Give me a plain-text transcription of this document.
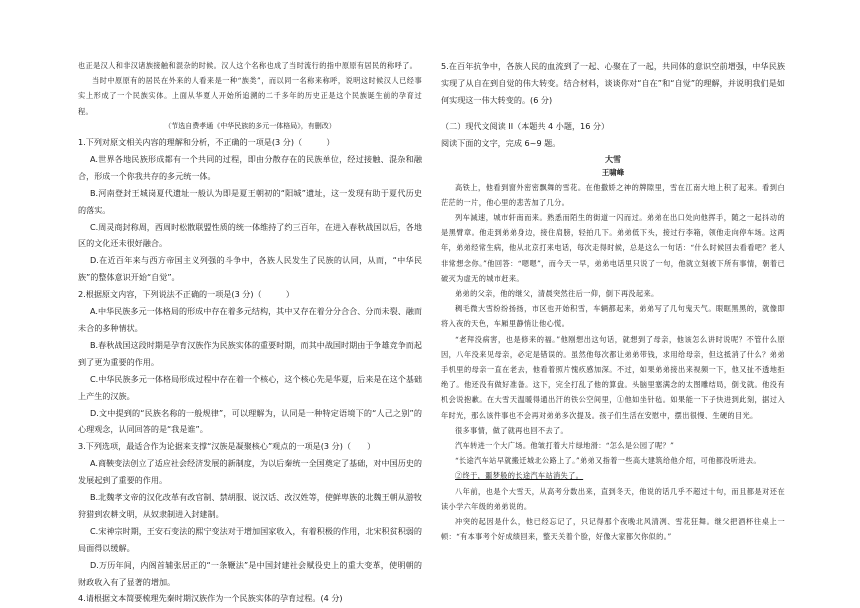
也正是汉人和非汉诸族接触和混杂的时候。汉人这个名称也成了当时流行的指中原原有居民的称呼了。

当时中原原有的居民在外来的人看来是一种“族类”，而以同一名称来称呼，说明这时候汉人已经事实上形成了一个民族实体。上面从华夏人开始所追溯的二千多年的历史正是这个民族诞生前的孕育过程。

（节选自费孝通《中华民族的多元一体格局》，有删改）

1.下列对原文相关内容的理解和分析，不正确的一项是(3 分)（　　　）

A.世界各地民族形成都有一个共同的过程，即由分散存在的民族单位，经过接触、混杂和融合，形成一个你我共存的多元统一体。

B.河南登封王城岗夏代遗址一般认为即是夏王朝初的“阳城”遗址，这一发现有助于夏代历史的落实。

C.周灵商封称周，西周时松散联盟性质的统一体维持了约三百年，在进入春秋战国以后，各地区的文化还未很好融合。

D.在近百年来与西方帝国主义列强的斗争中，各族人民发生了民族的认同，从而，“中华民族”的整体意识开始“自觉”。

2.根据原文内容，下列说法不正确的一项是(3 分)（　　　）

A.中华民族多元一体格局的形成中存在着多元结构，其中又存在着分分合合、分而未裂、融而未合的多种情状。

B.春秋战国这段时期是孕育汉族作为民族实体的重要时期，而其中战国时期由于争雄竞争而起到了更为重要的作用。

C.中华民族多元一体格局形成过程中存在着一个核心，这个核心先是华夏，后来是在这个基础上产生的汉族。

D.文中提到的“民族名称的一般规律”，可以理解为，认同是一种特定语境下的“人己之别”的心理观念，认同回答的是“我是谁”。

3.下列选项，最适合作为论据来支撑“汉族是凝聚核心”观点的一项是(3 分)（　　）

A.商鞅变法创立了适应社会经济发展的新制度，为以后秦统一全国奠定了基础，对中国历史的发展起到了重要的作用。

B.北魏孝文帝的汉化改革有改官制、禁胡服、说汉话、改汉姓等，使鲜卑族的北魏王朝从游牧狩猎到农耕文明，从奴隶制进入封建制。

C.宋神宗时期，王安石变法的熙宁变法对于增加国家收入，有着积极的作用，北宋积贫积弱的局面得以缓解。

D.万历年间，内阁首辅张居正的“一条鞭法”是中国封建社会赋役史上的重大变革，使明朝的财政收入有了显著的增加。

4.请根据文本简要梳理先秦时期汉族作为一个民族实体的孕育过程。(4 分)

5.在百年抗争中，各族人民的血流到了一起、心聚在了一起，共同体的意识空前增强，中华民族实现了从自在到自觉的伟大转变。结合材料，谈谈你对“自在”和“自觉”的理解，并说明我们是如何实现这一伟大转变的。(6 分)

（二）现代文阅读 II（本题共 4 小题，16 分）

阅读下面的文字，完成 6~9 题。

大雪

王啸峰

高铁上，他看到窗外密密飘舞的雪花。在他撒娇之神的牌隙里，雪在江南大地上积了起来。看到白茫茫的一片，他心里的悲苦加了几分。

列车減速，城市轩南而来。熟悉而陌生的街道一闪而过。弟弟在出口处向他挥手，随之一起抖动的是黑臂章。他走到弟弟身边，接住肩膀，轻拍几下。弟弟低下头，接过行李箱，领他走向停车场。这两年，弟弟经常生病，他从北京打来电话，每次走得时候，总是这么一句话：“什么时候回去看看吧？老人非常想念你。”他回答：“嗯嗯”，而今天一早，弟弟电话里只说了一句，他就立刻被下所有事情，朝着已破灭为虚无的城市赶来。

弟弟的父亲，他的继父，清晨突然往后一仰，倒下再没起来。

稠毛微大雪纷纷扬扬，市区也开始积雪，车辆都起来，弟弟写了几句鬼天气。眼眶黑黑的，就像即将入夜的天色，车厢里静悄让他心慌。

“老拜没病害，也是修来的福。”他刚想出这句话，就想到了母亲，他该怎么讲时说呢？不管什么原因，八年没来见母亲，必定是错误的。虽然他每次都让弟弟带钱，求用给母亲，但这抵消了什么？弟弟手机里的母亲一直在老去，他看着照片愧疚感加深。不过，如果弟弟接出来视频一下，他又扯不透地拒绝了。他还没有做好准备。这下，完全打乱了他的算盘。头脑里塞满念的太图雕结局，倒戈就。他没有机会说抱歉。在大雪天温暖得通出汗的铁公空间里，①他如坐针毡。如果能一下子快进到此刻，据过入年时光，那么该件事也不会再对弟弟多次提及。孩子们生活在安慰中，摆出很慢、生硬的目光。

很多事情，做了就再也回不去了。

汽车转进一个大广场。他皱打着大片绿地滑：“怎么是公园了呢？”

“长途汽车站早就搬迁城北公路上了。”弟弟又指着一些高大建筑给他介绍，可他都没听进去。

②终于，噩梦般的长途汽车站消失了。

八年前，也是个大雪天，从高考分数出来，直到冬天，他说的话几乎不超过十句，而且都是对还在读小学六年级的弟弟说的。

冲突的起因是什么，他已经忘记了，只记得那个夜晚北风清冽、雪花狂舞。继父把酒杯往桌上一顿：“有本事考个好成绩回来，整天关着个脸，好像大家都欠你似的。”
